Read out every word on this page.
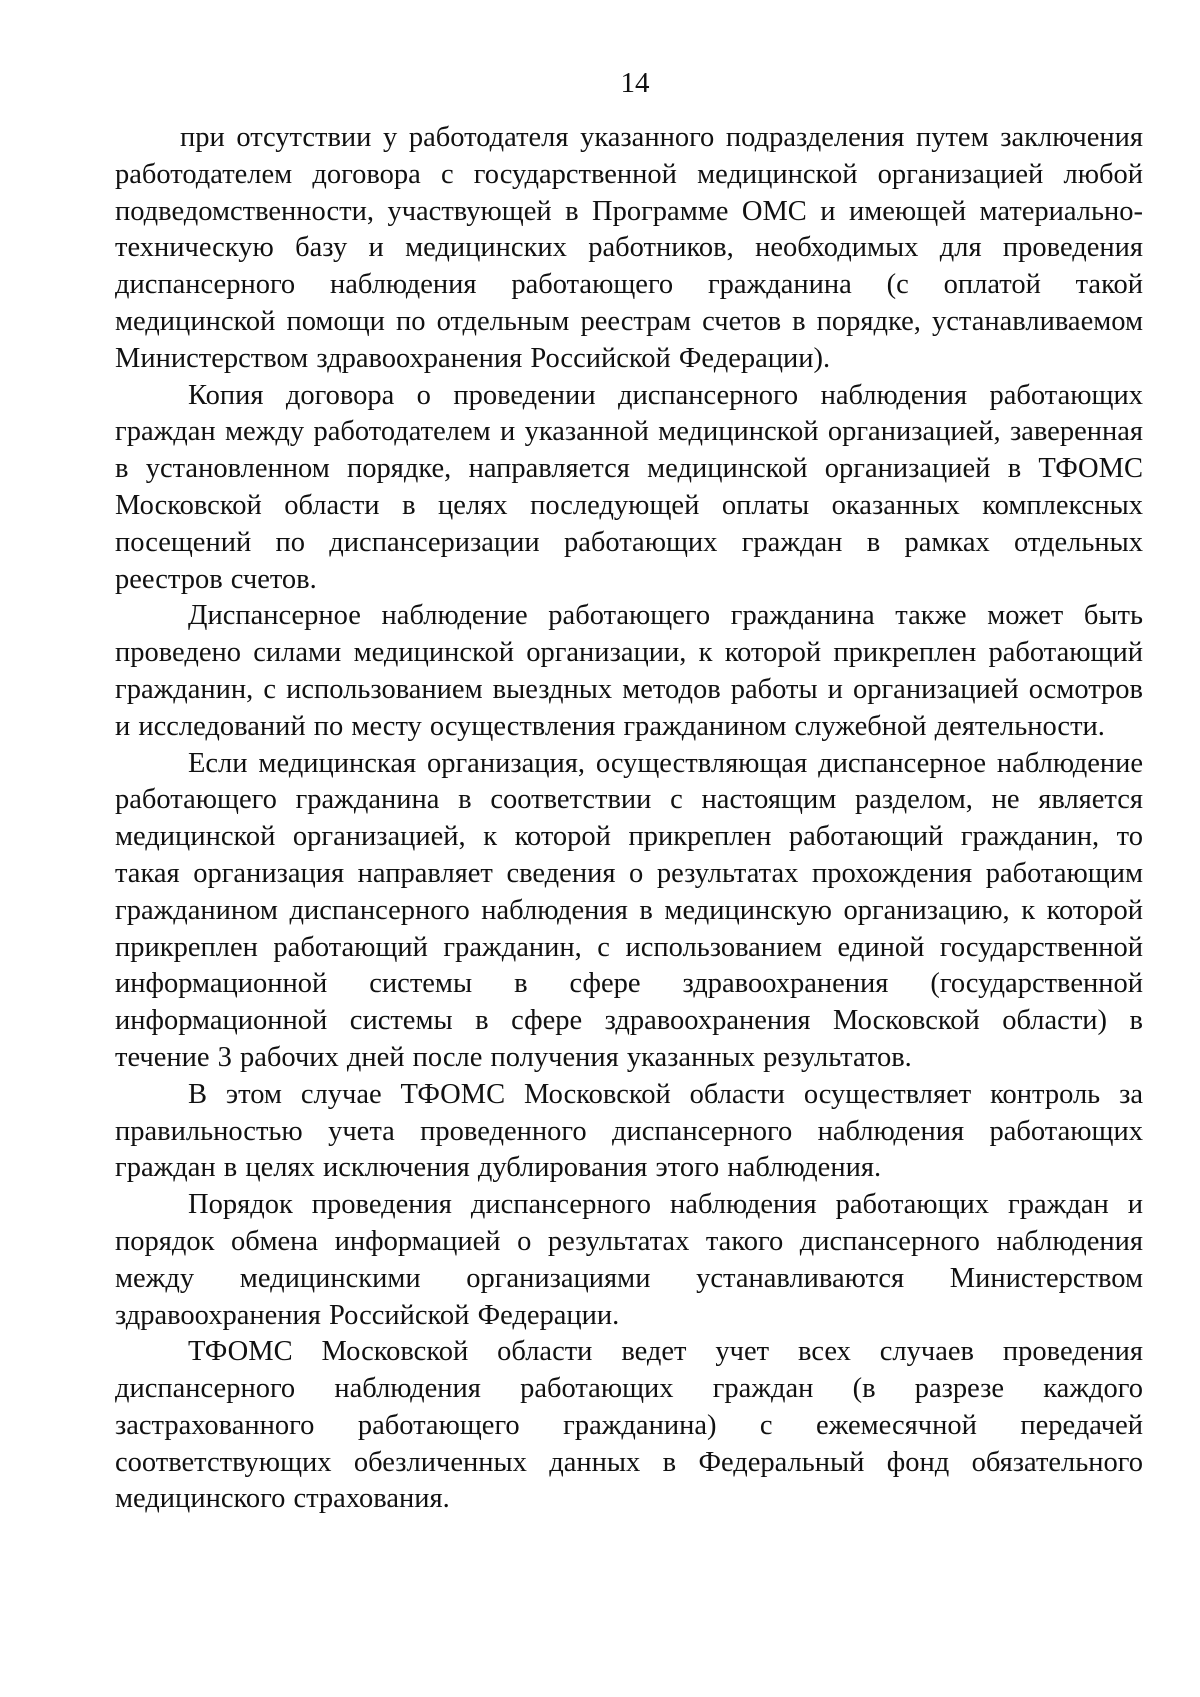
14

при отсутствии у работодателя указанного подразделения путем заключения работодателем договора с государственной медицинской организацией любой подведомственности, участвующей в Программе ОМС и имеющей материально-техническую базу и медицинских работников, необходимых для проведения диспансерного наблюдения работающего гражданина (с оплатой такой медицинской помощи по отдельным реестрам счетов в порядке, устанавливаемом Министерством здравоохранения Российской Федерации).

Копия договора о проведении диспансерного наблюдения работающих граждан между работодателем и указанной медицинской организацией, заверенная в установленном порядке, направляется медицинской организацией в ТФОМС Московской области в целях последующей оплаты оказанных комплексных посещений по диспансеризации работающих граждан в рамках отдельных реестров счетов.

Диспансерное наблюдение работающего гражданина также может быть проведено силами медицинской организации, к которой прикреплен работающий гражданин, с использованием выездных методов работы и организацией осмотров и исследований по месту осуществления гражданином служебной деятельности.

Если медицинская организация, осуществляющая диспансерное наблюдение работающего гражданина в соответствии с настоящим разделом, не является медицинской организацией, к которой прикреплен работающий гражданин, то такая организация направляет сведения о результатах прохождения работающим гражданином диспансерного наблюдения в медицинскую организацию, к которой прикреплен работающий гражданин, с использованием единой государственной информационной системы в сфере здравоохранения (государственной информационной системы в сфере здравоохранения Московской области) в течение 3 рабочих дней после получения указанных результатов.

В этом случае ТФОМС Московской области осуществляет контроль за правильностью учета проведенного диспансерного наблюдения работающих граждан в целях исключения дублирования этого наблюдения.

Порядок проведения диспансерного наблюдения работающих граждан и порядок обмена информацией о результатах такого диспансерного наблюдения между медицинскими организациями устанавливаются Министерством здравоохранения Российской Федерации.

ТФОМС Московской области ведет учет всех случаев проведения диспансерного наблюдения работающих граждан (в разрезе каждого застрахованного работающего гражданина) с ежемесячной передачей соответствующих обезличенных данных в Федеральный фонд обязательного медицинского страхования.
